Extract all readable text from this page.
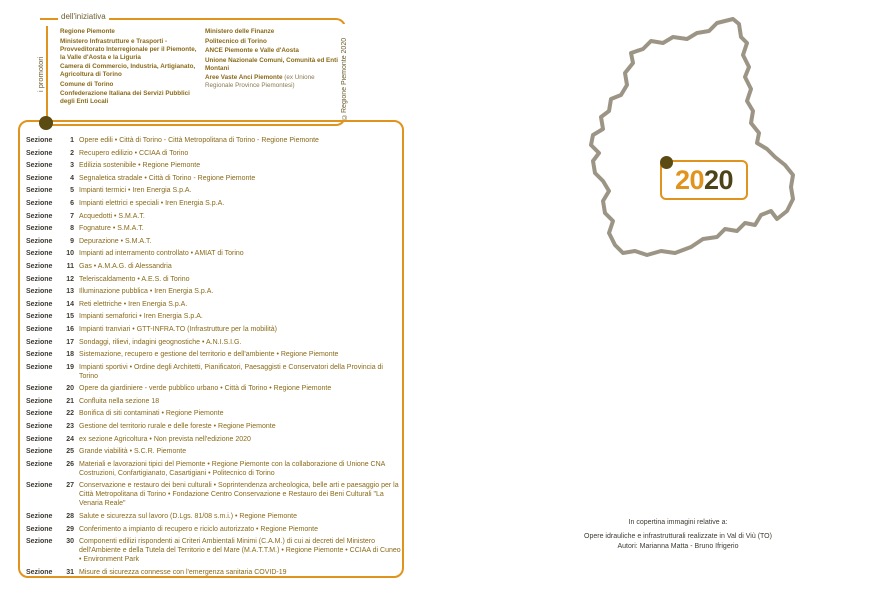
dell'iniziativa
i promotori	©Regione Piemonte 2020
Regione Piemonte
Ministero Infrastrutture e Trasporti - Provveditorato Interregionale per il Piemonte, la Valle d'Aosta e la Liguria
Camera di Commercio, Industria, Artigianato, Agricoltura di Torino
Comune di Torino
Confederazione Italiana dei Servizi Pubblici degli Enti Locali
Ministero delle Finanze
Politecnico di Torino
ANCE Piemonte e Valle d'Aosta
Unione Nazionale Comuni, Comunità ed Enti Montani
Aree Vaste Anci Piemonte (ex Unione Regionale Province Piemontesi)
Sezione	1 Opere edili • Città di Torino - Città Metropolitana di Torino - Regione Piemonte
Sezione	2 Recupero edilizio • CCIAA di Torino
Sezione	3 Edilizia sostenibile • Regione Piemonte
Sezione	4 Segnaletica stradale • Città di Torino - Regione Piemonte
Sezione	5 Impianti termici • Iren Energia S.p.A.
Sezione	6 Impianti elettrici e speciali • Iren Energia S.p.A.
Sezione	7 Acquedotti • S.M.A.T.
Sezione	8 Fognature • S.M.A.T.
Sezione	9 Depurazione • S.M.A.T.
Sezione	10 Impianti ad interramento controllato • AMIAT di Torino
Sezione	11 Gas • A.M.A.G. di Alessandria
Sezione	12 Teleriscaldamento • A.E.S. di Torino
Sezione	13 Illuminazione pubblica • Iren Energia S.p.A.
Sezione	14 Reti elettriche • Iren Energia S.p.A.
Sezione	15 Impianti semaforici • Iren Energia S.p.A.
Sezione	16 Impianti tranviari • GTT-INFRA.TO (Infrastrutture per la mobilità)
Sezione	17 Sondaggi, rilievi, indagini geognostiche • A.N.I.S.I.G.
Sezione	18 Sistemazione, recupero e gestione del territorio e dell'ambiente • Regione Piemonte
Sezione	19 Impianti sportivi • Ordine degli Architetti, Pianificatori, Paesaggisti e Conservatori della Provincia di Torino
Sezione	20 Opere da giardiniere - verde pubblico urbano • Città di Torino • Regione Piemonte
Sezione	21 Confluita nella sezione 18
Sezione	22 Bonifica di siti contaminati • Regione Piemonte
Sezione	23 Gestione del territorio rurale e delle foreste • Regione Piemonte
Sezione	24 ex sezione Agricoltura • Non prevista nell'edizione 2020
Sezione	25 Grande viabilità • S.C.R. Piemonte
Sezione	26 Materiali e lavorazioni tipici del Piemonte • Regione Piemonte con la collaborazione di Unione CNA Costruzioni, Confartigianato, Casartigiani • Politecnico di Torino
Sezione	27 Conservazione e restauro dei beni culturali • Soprintendenza archeologica, belle arti e paesaggio per la Città Metropolitana di Torino • Fondazione Centro Conservazione e Restauro dei Beni Culturali "La Venaria Reale"
Sezione	28 Salute e sicurezza sul lavoro (D.Lgs. 81/08 s.m.i.) • Regione Piemonte
Sezione	29 Conferimento a impianto di recupero e riciclo autorizzato • Regione Piemonte
Sezione	30 Componenti edilizi rispondenti ai Criteri Ambientali Minimi (C.A.M.) di cui ai decreti del Ministero dell'Ambiente e della Tutela del Territorio e del Mare (M.A.T.T.M.) • Regione Piemonte • CCIAA di Cuneo • Environment Park
Sezione	31 Misure di sicurezza connesse con l'emergenza sanitaria COVID-19
2020
In copertina immagini relative a:
Opere idrauliche e infrastrutturali realizzate in Val di Viù (TO)
Autori: Marianna Matta - Bruno Ifrigerio
